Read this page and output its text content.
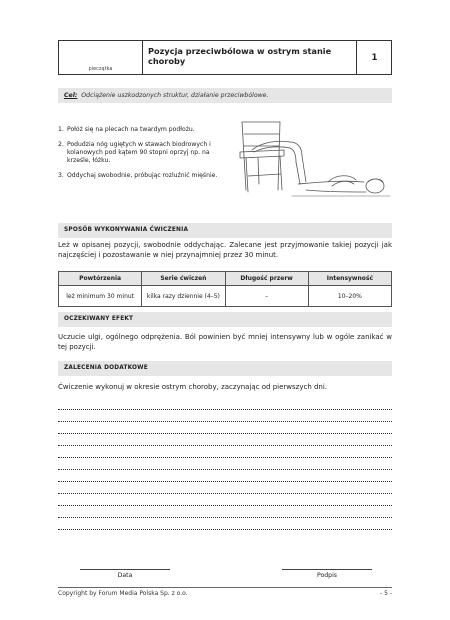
pieczątka
Pozycja przeciwbólowa w ostrym stanie choroby	1
Cel: Odciążenie uszkodzonych struktur, działanie przeciwbólowe.
1. Połóż się na plecach na twardym podłożu.
2. Podudzia nóg ugiętych w stawach biodrowych i kolanowych pod kątem 90 stopni oprzyj np. na krześle, łóżku.
3. Oddychaj swobodnie, próbując rozluźnić mięśnie.
SPOSÓB WYKONYWANIA ĆWICZENIA
Leż w opisanej pozycji, swobodnie oddychając. Zalecane jest przyjmowanie takiej pozycji jak najczęściej i pozostawanie w niej przynajmniej przez 30 minut.
Powtórzenia	Serie ćwiczeń	Długość przerw	Intensywność
leż minimum 30 minut	kilka razy dziennie (4–5)	–	10–20%
OCZEKIWANY EFEKT
Uczucie ulgi, ogólnego odprężenia. Ból powinien być mniej intensywny lub w ogóle zanikać w tej pozycji.
ZALECENIA DODATKOWE
Ćwiczenie wykonuj w okresie ostrym choroby, zaczynając od pierwszych dni.
Data	Podpis
Copyright by Forum Media Polska Sp. z o.o.	- 5 -
